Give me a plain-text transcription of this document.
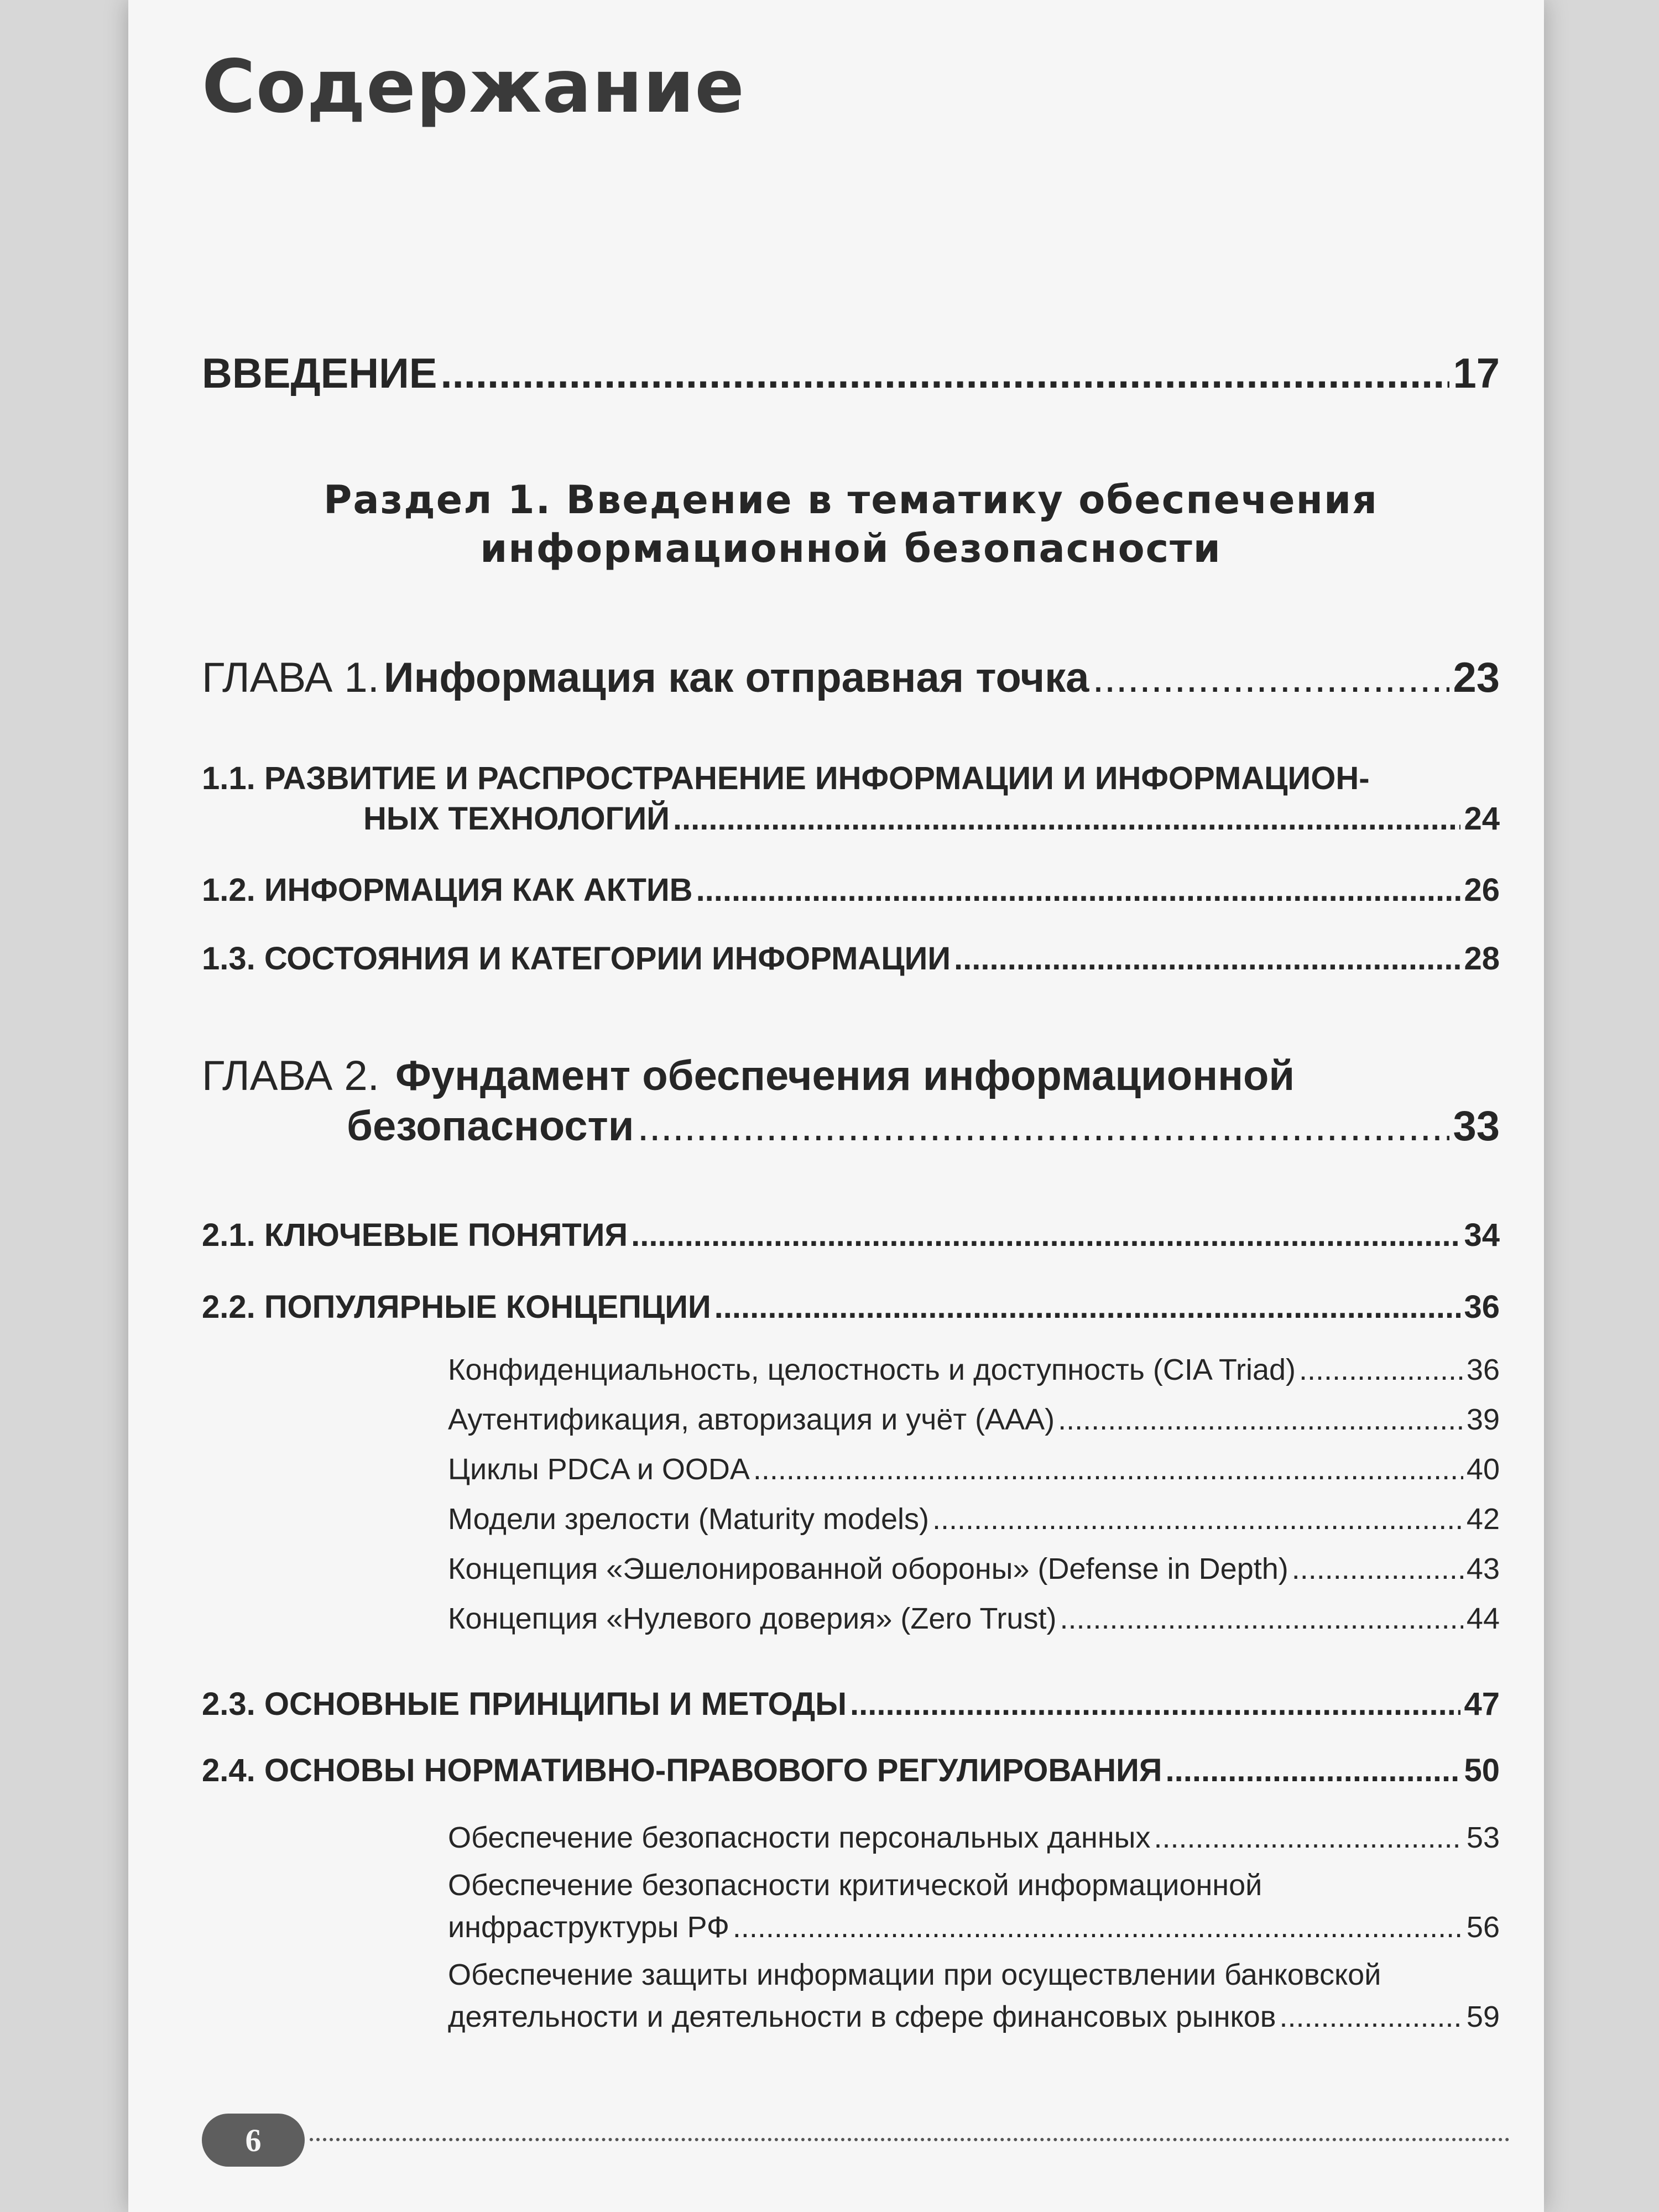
Содержание
ВВЕДЕНИЕ .....	17
Раздел 1. Введение в тематику обеспечения
информационной безопасности
ГЛАВА 1. Информация как отправная точка .....	23
1.1. РАЗВИТИЕ И РАСПРОСТРАНЕНИЕ ИНФОРМАЦИИ И ИНФОРМАЦИОН-
НЫХ ТЕХНОЛОГИЙ .....	24
1.2. ИНФОРМАЦИЯ КАК АКТИВ .....	26
1.3. СОСТОЯНИЯ И КАТЕГОРИИ ИНФОРМАЦИИ .....	28
ГЛАВА 2. Фундамент обеспечения информационной
безопасности .....	33
2.1. КЛЮЧЕВЫЕ ПОНЯТИЯ .....	34
2.2. ПОПУЛЯРНЫЕ КОНЦЕПЦИИ .....	36
Конфиденциальность, целостность и доступность (CIA Triad) .....	36
Аутентификация, авторизация и учёт (AAA) .....	39
Циклы PDCA и OODA .....	40
Модели зрелости (Maturity models) .....	42
Концепция «Эшелонированной обороны» (Defense in Depth) .....	43
Концепция «Нулевого доверия» (Zero Trust) .....	44
2.3. ОСНОВНЫЕ ПРИНЦИПЫ И МЕТОДЫ .....	47
2.4. ОСНОВЫ НОРМАТИВНО-ПРАВОВОГО РЕГУЛИРОВАНИЯ .....	50
Обеспечение безопасности персональных данных .....	53
Обеспечение безопасности критической информационной
инфраструктуры РФ .....	56
Обеспечение защиты информации при осуществлении банковской
деятельности и деятельности в сфере финансовых рынков .....	59
6
